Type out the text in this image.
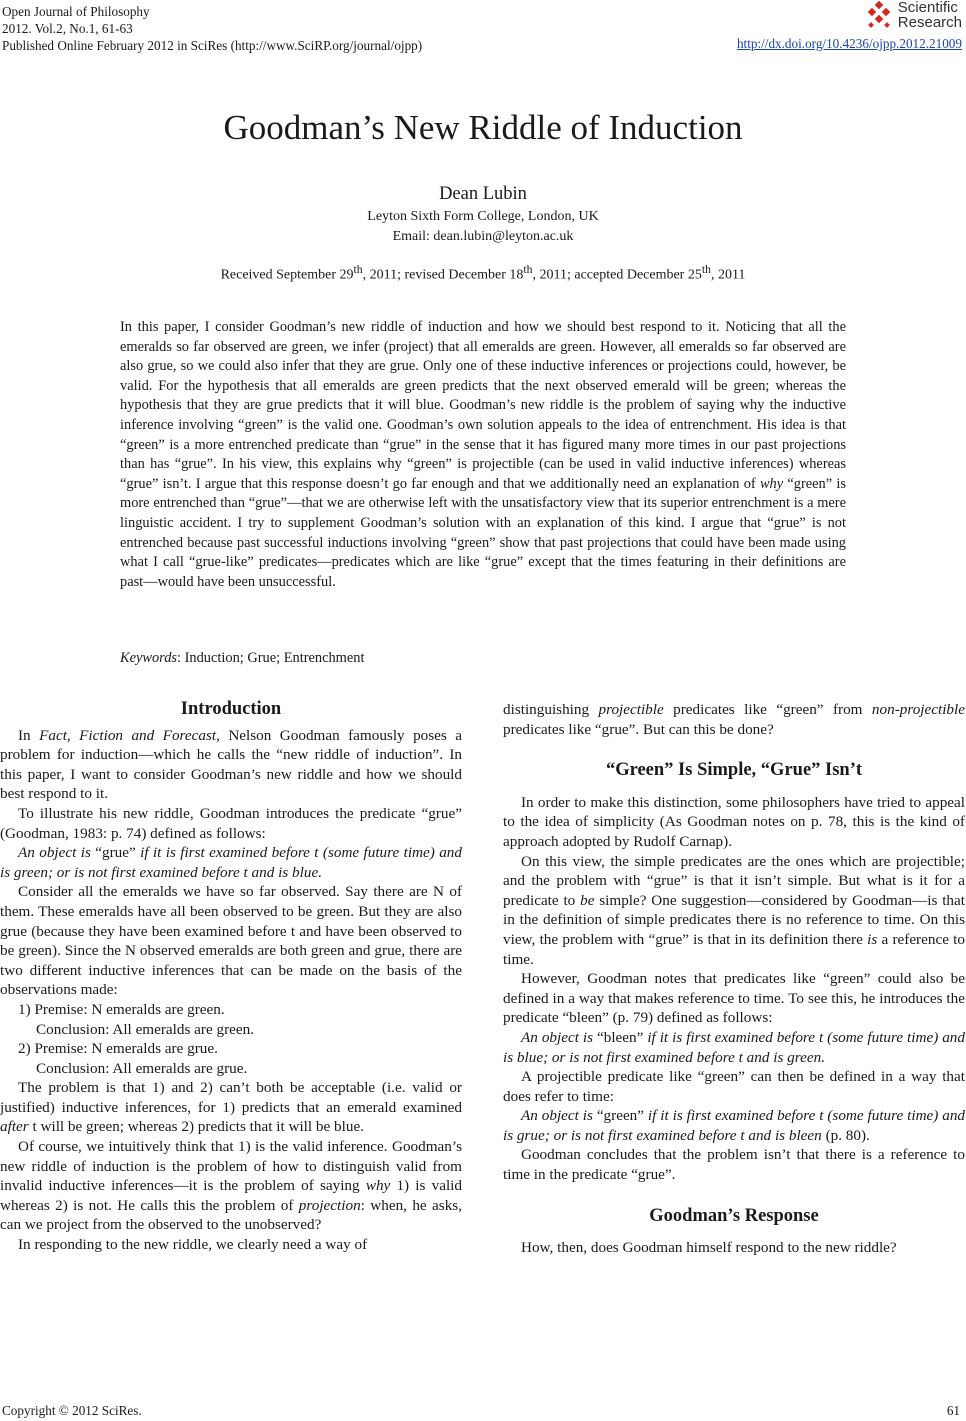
Open Journal of Philosophy
2012. Vol.2, No.1, 61-63
Published Online February 2012 in SciRes (http://www.SciRP.org/journal/ojpp)
Scientific
Research
http://dx.doi.org/10.4236/ojpp.2012.21009
Goodman’s New Riddle of Induction
Dean Lubin
Leyton Sixth Form College, London, UK
Email: dean.lubin@leyton.ac.uk
Received September 29th, 2011; revised December 18th, 2011; accepted December 25th, 2011

In this paper, I consider Goodman’s new riddle of induction and how we should best respond to it. Noticing that all the emeralds so far observed are green, we infer (project) that all emeralds are green. However, all emeralds so far observed are also grue, so we could also infer that they are grue. Only one of these inductive inferences or projections could, however, be valid. For the hypothesis that all emeralds are green predicts that the next observed emerald will be green; whereas the hypothesis that they are grue predicts that it will blue. Goodman’s new riddle is the problem of saying why the inductive inference involving “green” is the valid one. Goodman’s own solution appeals to the idea of entrenchment. His idea is that “green” is a more entrenched predicate than “grue” in the sense that it has figured many more times in our past projections than has “grue”. In his view, this explains why “green” is projectible (can be used in valid inductive inferences) whereas “grue” isn’t. I argue that this response doesn’t go far enough and that we additionally need an explanation of why “green” is more entrenched than “grue”—that we are otherwise left with the unsatisfactory view that its superior entrenchment is a mere linguistic accident. I try to supplement Goodman’s solution with an explanation of this kind. I argue that “grue” is not entrenched because past successful inductions involving “green” show that past projections that could have been made using what I call “grue-like” predicates—predicates which are like “grue” except that the times featuring in their definitions are past—would have been unsuccessful.

Keywords: Induction; Grue; Entrenchment
Introduction

In Fact, Fiction and Forecast, Nelson Goodman famously poses a problem for induction—which he calls the “new riddle of induction”. In this paper, I want to consider Goodman’s new riddle and how we should best respond to it.

To illustrate his new riddle, Goodman introduces the predicate “grue” (Goodman, 1983: p. 74) defined as follows:

An object is “grue” if it is first examined before t (some future time) and is green; or is not first examined before t and is blue.

Consider all the emeralds we have so far observed. Say there are N of them. These emeralds have all been observed to be green. But they are also grue (because they have been examined before t and have been observed to be green). Since the N observed emeralds are both green and grue, there are two different inductive inferences that can be made on the basis of the observations made:

1) Premise: N emeralds are green.

Conclusion: All emeralds are green.

2) Premise: N emeralds are grue.

Conclusion: All emeralds are grue.

The problem is that 1) and 2) can’t both be acceptable (i.e. valid or justified) inductive inferences, for 1) predicts that an emerald examined after t will be green; whereas 2) predicts that it will be blue.

Of course, we intuitively think that 1) is the valid inference. Goodman’s new riddle of induction is the problem of how to distinguish valid from invalid inductive inferences—it is the problem of saying why 1) is valid whereas 2) is not. He calls this the problem of projection: when, he asks, can we project from the observed to the unobserved?

In responding to the new riddle, we clearly need a way of

distinguishing projectible predicates like “green” from non-projectible predicates like “grue”. But can this be done?

“Green” Is Simple, “Grue” Isn’t

In order to make this distinction, some philosophers have tried to appeal to the idea of simplicity (As Goodman notes on p. 78, this is the kind of approach adopted by Rudolf Carnap).

On this view, the simple predicates are the ones which are projectible; and the problem with “grue” is that it isn’t simple. But what is it for a predicate to be simple? One suggestion—considered by Goodman—is that in the definition of simple predicates there is no reference to time. On this view, the problem with “grue” is that in its definition there is a reference to time.

However, Goodman notes that predicates like “green” could also be defined in a way that makes reference to time. To see this, he introduces the predicate “bleen” (p. 79) defined as follows:

An object is “bleen” if it is first examined before t (some future time) and is blue; or is not first examined before t and is green.

A projectible predicate like “green” can then be defined in a way that does refer to time:

An object is “green” if it is first examined before t (some future time) and is grue; or is not first examined before t and is bleen (p. 80).

Goodman concludes that the problem isn’t that there is a reference to time in the predicate “grue”.

Goodman’s Response

How, then, does Goodman himself respond to the new riddle?

Copyright © 2012 SciRes.	61
